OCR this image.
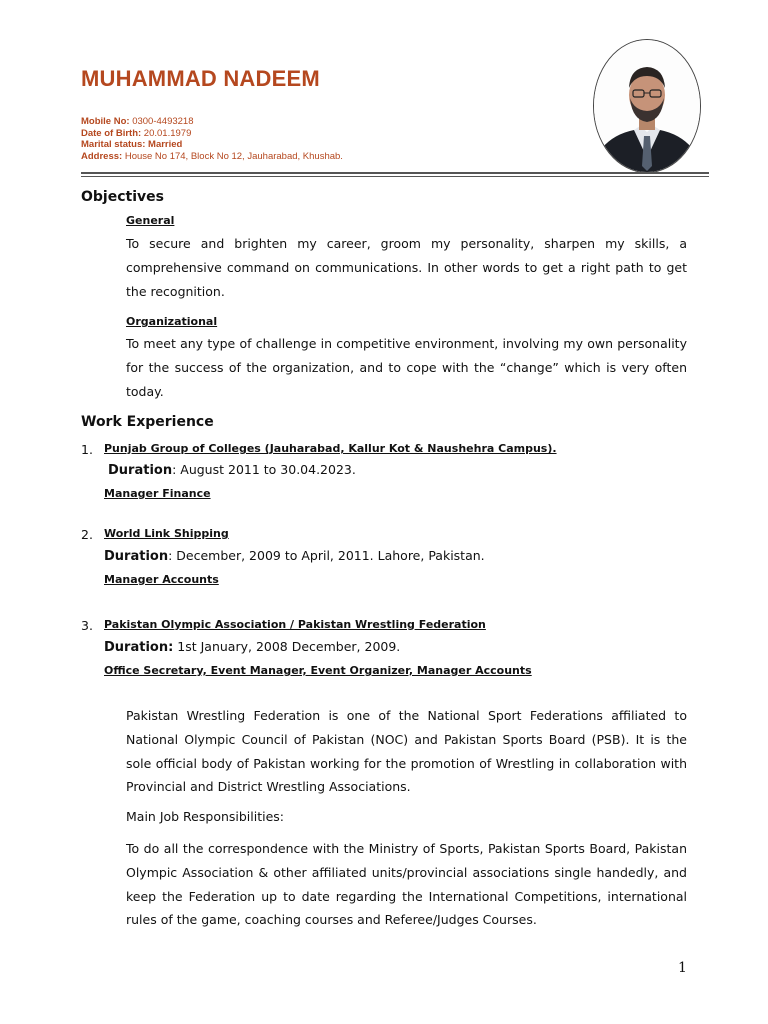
MUHAMMAD NADEEM
Mobile No: 0300-4493218
Date of Birth: 20.01.1979
Marital status: Married
Address: House No 174, Block No 12, Jauharabad, Khushab.
Objectives
General
To secure and brighten my career, groom my personality, sharpen my skills, a comprehensive command on communications. In other words to get a right path to get the recognition.
Organizational
To meet any type of challenge in competitive environment, involving my own personality for the success of the organization, and to cope with the “change” which is very often today.
Work Experience
1. Punjab Group of Colleges (Jauharabad, Kallur Kot & Naushehra Campus).
Duration: August 2011 to 30.04.2023.
Manager Finance
2. World Link Shipping
Duration: December, 2009 to April, 2011. Lahore, Pakistan.
Manager Accounts
3. Pakistan Olympic Association / Pakistan Wrestling Federation
Duration: 1st January, 2008 December, 2009.
Office Secretary, Event Manager, Event Organizer, Manager Accounts
Pakistan Wrestling Federation is one of the National Sport Federations affiliated to National Olympic Council of Pakistan (NOC) and Pakistan Sports Board (PSB). It is the sole official body of Pakistan working for the promotion of Wrestling in collaboration with Provincial and District Wrestling Associations.
Main Job Responsibilities:
To do all the correspondence with the Ministry of Sports, Pakistan Sports Board, Pakistan Olympic Association & other affiliated units/provincial associations single handedly, and keep the Federation up to date regarding the International Competitions, international rules of the game, coaching courses and Referee/Judges Courses.
1
